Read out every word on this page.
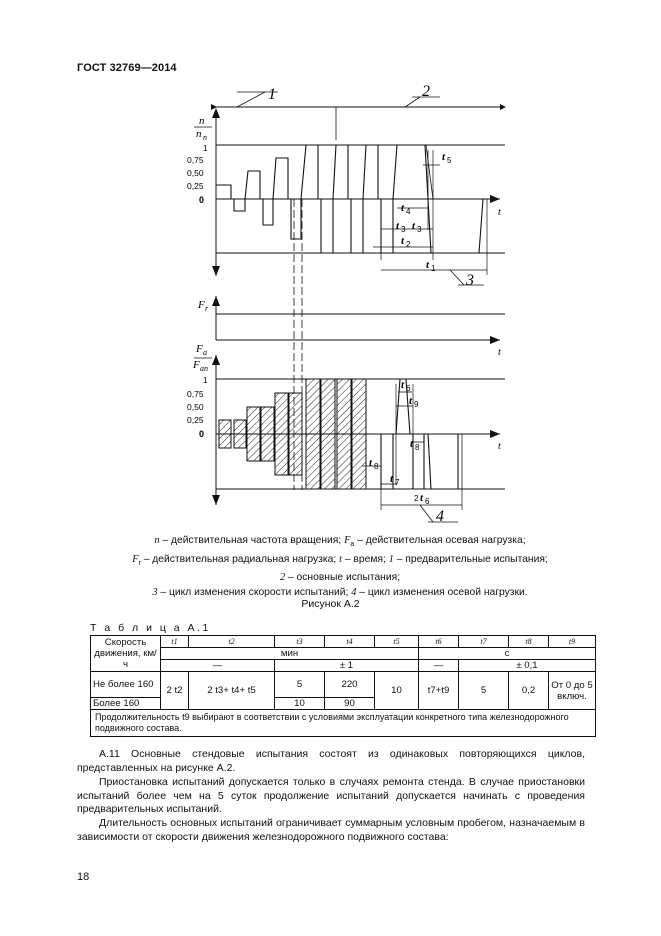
ГОСТ 32769—2014
1	2
t
n
n п
1
0,75
0,50
0,25
0
t 5
t 4
t 3 t 3
t 2
t 1
3
F r
t
t
F a
F an
1
0,75
0,50
0,25
0
t 6
t 9
t 8
t 8
t 7
2 t 6
4
n – действительная частота вращения; $F_a$ – действительная осевая нагрузка;
$F_r$ – действительная радиальная нагрузка; t – время; 1 – предварительные испытания;
2 – основные испытания;
3 – цикл изменения скорости испытаний; 4 – цикл изменения осевой нагрузки.
Рисунок А.2
Т а б л и ц а А.1
Скорость движения, км/ч	t1	t2	t3	t4	t5	t6	t7	t8	t9
	мин					с			
	—		± 1			—	± 0,1		
Не более 160	2 t2	2 t3+ t4+ t5	5	220	10	t7+t9	5	0,2	От 0 до 5 включ.
Более 160			10	90					
Продолжительность t9 выбирают в соответствии с условиями эксплуатации конкретного типа железнодорожного подвижного состава.									
А.11 Основные стендовые испытания состоят из одинаковых повторяющихся циклов, представленных на рисунке А.2.
Приостановка испытаний допускается только в случаях ремонта стенда. В случае приостановки испытаний более чем на 5 суток продолжение испытаний допускается начинать с проведения предварительных испытаний.
Длительность основных испытаний ограничивает суммарным условным пробегом, назначаемым в зависимости от скорости движения железнодорожного подвижного состава:
18
